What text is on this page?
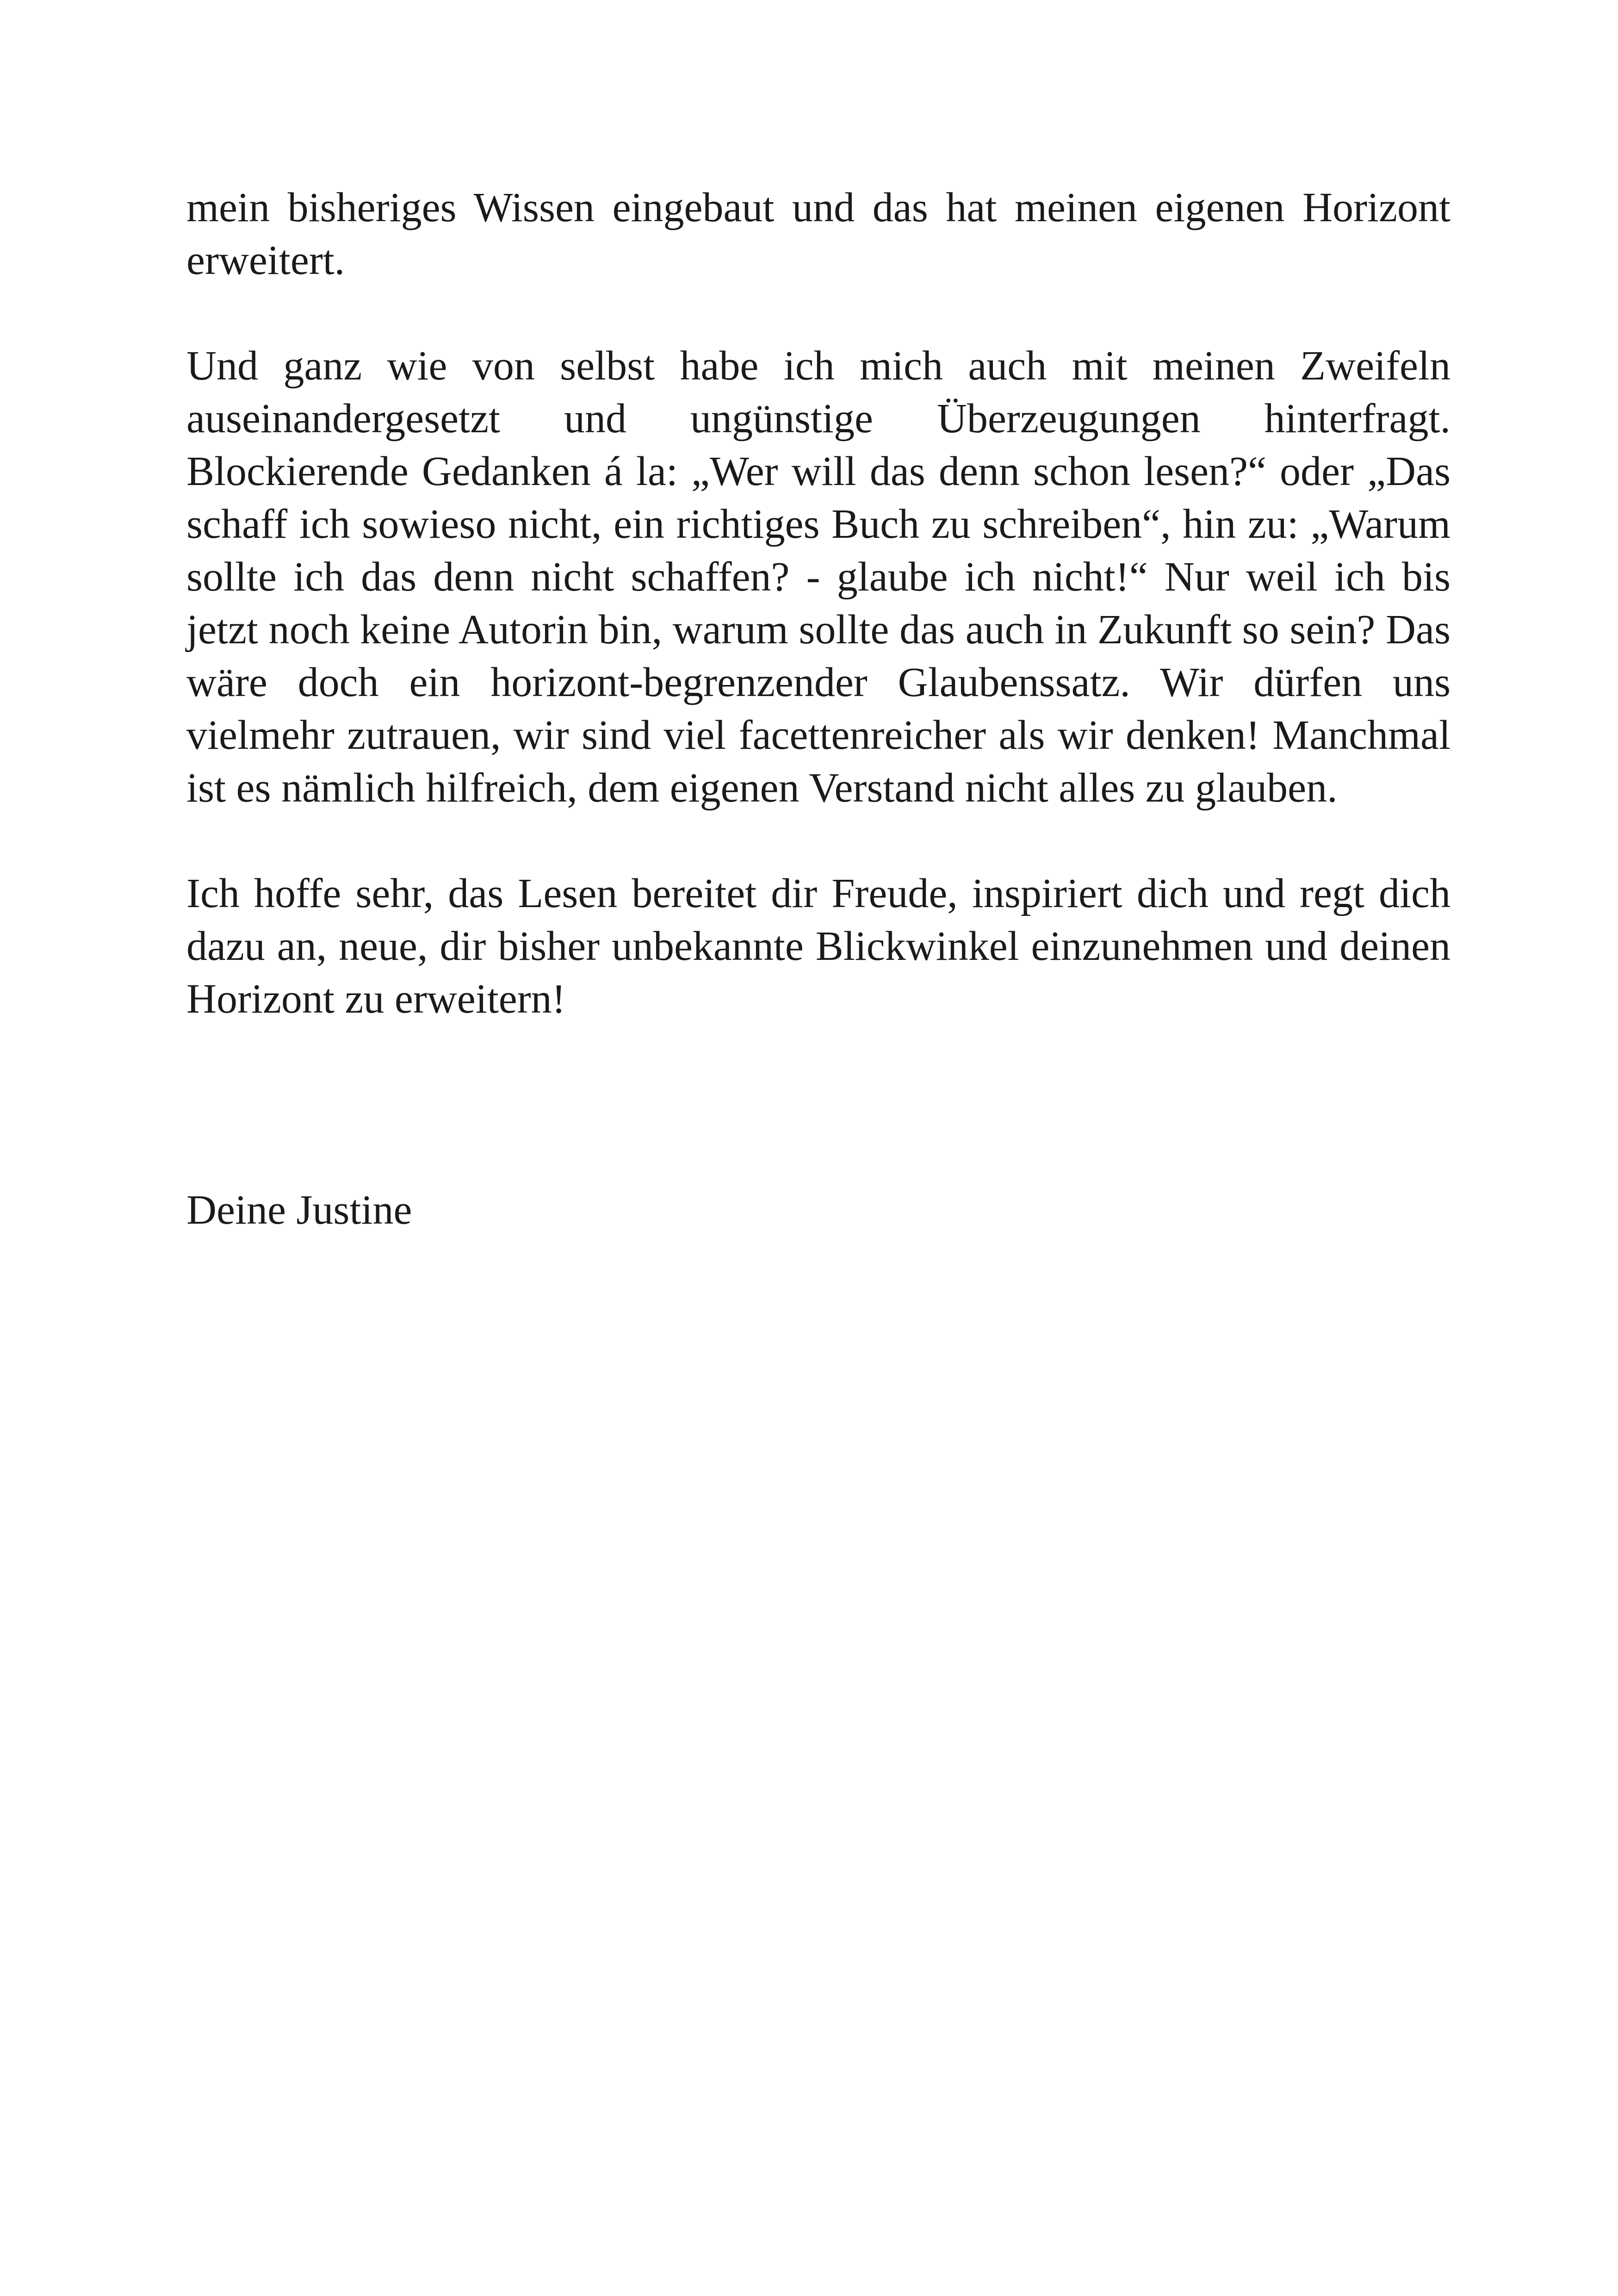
mein bisheriges Wissen eingebaut und das hat meinen eigenen Horizont erweitert.

Und ganz wie von selbst habe ich mich auch mit meinen Zweifeln auseinandergesetzt und ungünstige Überzeugungen hinterfragt. Blockierende Gedanken á la: „Wer will das denn schon lesen?“ oder „Das schaff ich sowieso nicht, ein richtiges Buch zu schreiben“, hin zu: „Warum sollte ich das denn nicht schaffen? - glaube ich nicht!“ Nur weil ich bis jetzt noch keine Autorin bin, warum sollte das auch in Zukunft so sein? Das wäre doch ein horizont-begrenzender Glaubenssatz. Wir dürfen uns vielmehr zutrauen, wir sind viel facettenreicher als wir denken! Manchmal ist es nämlich hilfreich, dem eigenen Verstand nicht alles zu glauben.

Ich hoffe sehr, das Lesen bereitet dir Freude, inspiriert dich und regt dich dazu an, neue, dir bisher unbekannte Blickwinkel einzunehmen und deinen Horizont zu erweitern!

Deine Justine
